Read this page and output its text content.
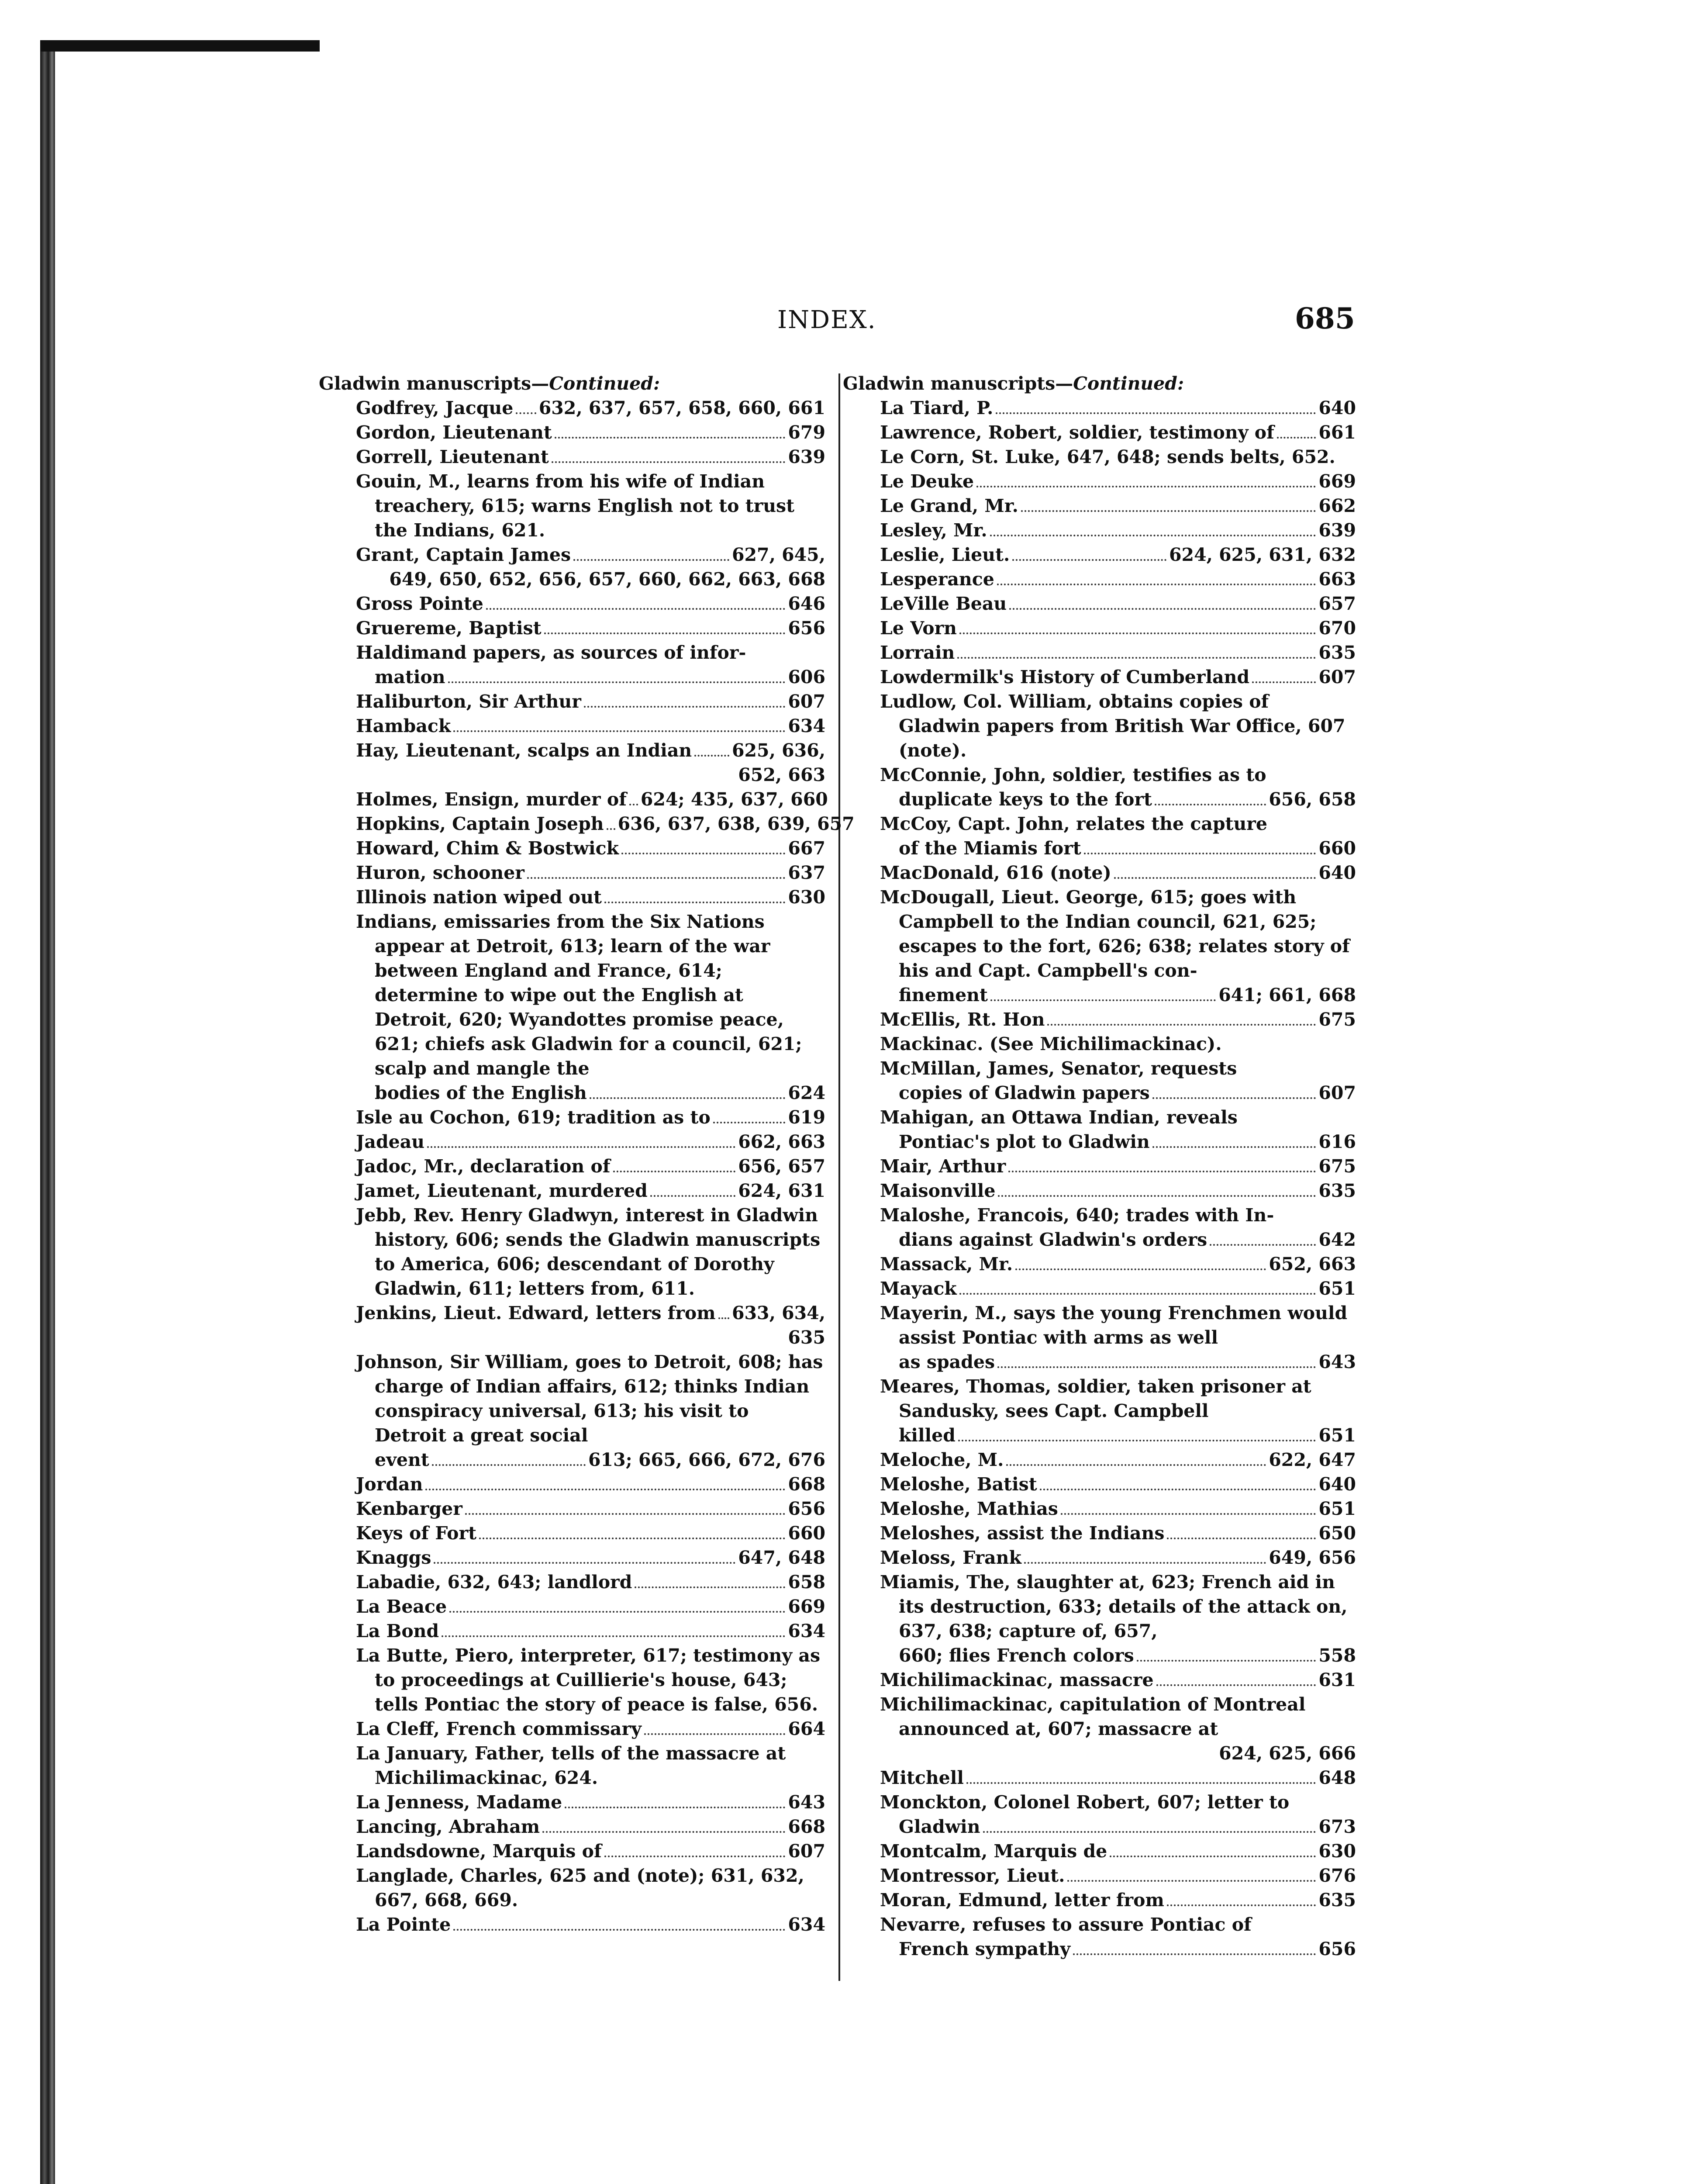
INDEX.	685
Gladwin manuscripts—Continued:
Godfrey, Jacque 632, 637, 657, 658, 660, 661
Gordon, Lieutenant	679
Gorrell, Lieutenant	639
Gouin, M., learns from his wife of Indian treachery, 615; warns English not to trust the Indians, 621.
Grant, Captain James	627, 645,
649, 650, 652, 656, 657, 660, 662, 663, 668
Gross Pointe	646
Gruereme, Baptist	656
Haldimand papers, as sources of infor-
mation	606
Haliburton, Sir Arthur	607
Hamback	634
Hay, Lieutenant, scalps an Indian 625, 636,
652, 663
Holmes, Ensign, murder of 624; 435, 637, 660
Hopkins, Captain Joseph 636, 637, 638, 639, 657
Howard, Chim & Bostwick	667
Huron, schooner	637
Illinois nation wiped out	630
Indians, emissaries from the Six Nations appear at Detroit, 613; learn of the war between England and France, 614; determine to wipe out the English at Detroit, 620; Wyandottes promise peace, 621; chiefs ask Gladwin for a council, 621; scalp and mangle the
bodies of the English	624
Isle au Cochon, 619; tradition as to	619
Jadeau	662, 663
Jadoc, Mr., declaration of	656, 657
Jamet, Lieutenant, murdered	624, 631
Jebb, Rev. Henry Gladwyn, interest in Gladwin history, 606; sends the Gladwin manuscripts to America, 606; descendant of Dorothy Gladwin, 611; letters from, 611.
Jenkins, Lieut. Edward, letters from 633, 634,
635
Johnson, Sir William, goes to Detroit, 608; has charge of Indian affairs, 612; thinks Indian conspiracy universal, 613; his visit to Detroit a great social
event	613; 665, 666, 672, 676
Jordan	668
Kenbarger	656
Keys of Fort	660
Knaggs	647, 648
Labadie, 632, 643; landlord	658
La Beace	669
La Bond	634
La Butte, Piero, interpreter, 617; testimony as to proceedings at Cuillierie's house, 643; tells Pontiac the story of peace is false, 656.
La Cleff, French commissary	664
La January, Father, tells of the massacre at Michilimackinac, 624.
La Jenness, Madame	643
Lancing, Abraham	668
Landsdowne, Marquis of	607
Langlade, Charles, 625 and (note); 631, 632, 667, 668, 669.
La Pointe	634
Gladwin manuscripts—Continued:
La Tiard, P.	640
Lawrence, Robert, soldier, testimony of 661
Le Corn, St. Luke, 647, 648; sends belts, 652.
Le Deuke	669
Le Grand, Mr.	662
Lesley, Mr.	639
Leslie, Lieut.	624, 625, 631, 632
Lesperance	663
LeVille Beau	657
Le Vorn	670
Lorrain	635
Lowdermilk's History of Cumberland	607
Ludlow, Col. William, obtains copies of Gladwin papers from British War Office, 607 (note).
McConnie, John, soldier, testifies as to
duplicate keys to the fort	656, 658
McCoy, Capt. John, relates the capture
of the Miamis fort	660
MacDonald, 616 (note)	640
McDougall, Lieut. George, 615; goes with Campbell to the Indian council, 621, 625; escapes to the fort, 626; 638; relates story of his and Capt. Campbell's con-
finement	641; 661, 668
McEllis, Rt. Hon	675
Mackinac. (See Michilimackinac).
McMillan, James, Senator, requests
copies of Gladwin papers	607
Mahigan, an Ottawa Indian, reveals
Pontiac's plot to Gladwin	616
Mair, Arthur	675
Maisonville	635
Maloshe, Francois, 640; trades with In-
dians against Gladwin's orders	642
Massack, Mr.	652, 663
Mayack	651
Mayerin, M., says the young Frenchmen would assist Pontiac with arms as well
as spades	643
Meares, Thomas, soldier, taken prisoner at Sandusky, sees Capt. Campbell
killed	651
Meloche, M.	622, 647
Meloshe, Batist	640
Meloshe, Mathias	651
Meloshes, assist the Indians	650
Meloss, Frank	649, 656
Miamis, The, slaughter at, 623; French aid in its destruction, 633; details of the attack on, 637, 638; capture of, 657,
660; flies French colors	558
Michilimackinac, massacre	631
Michilimackinac, capitulation of Montreal announced at, 607; massacre at
624, 625, 666
Mitchell	648
Monckton, Colonel Robert, 607; letter to
Gladwin	673
Montcalm, Marquis de	630
Montressor, Lieut.	676
Moran, Edmund, letter from	635
Nevarre, refuses to assure Pontiac of
French sympathy	656
